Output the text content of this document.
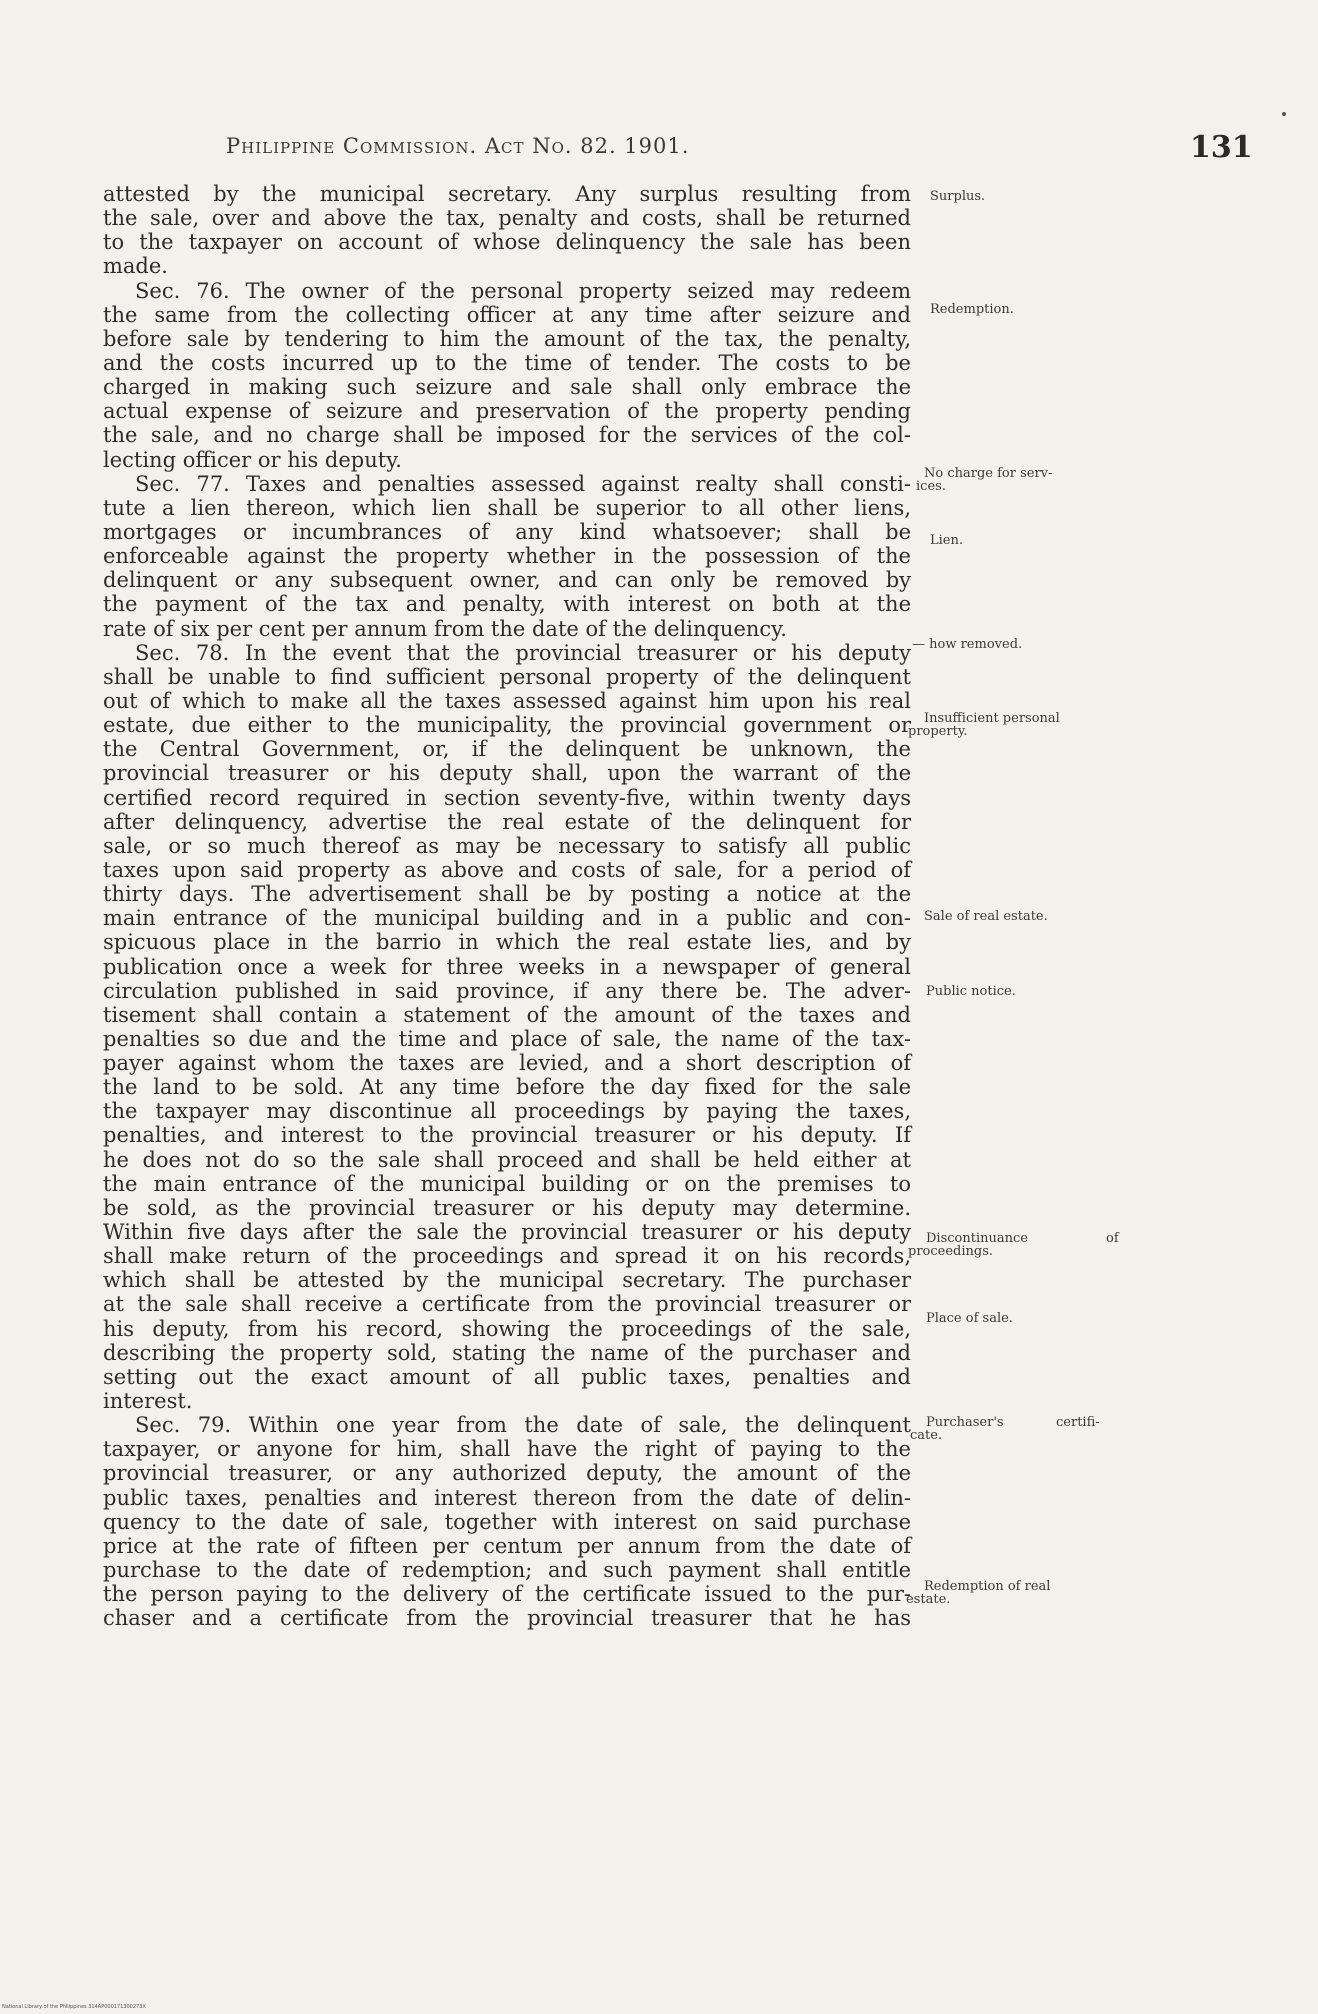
Philippine Commission. Act No. 82. 1901.	131
attested by the municipal secretary. Any surplus resulting from
the sale, over and above the tax, penalty and costs, shall be returned
to the taxpayer on account of whose delinquency the sale has been
made.
Sec. 76. The owner of the personal property seized may redeem
the same from the collecting officer at any time after seizure and
before sale by tendering to him the amount of the tax, the penalty,
and the costs incurred up to the time of tender. The costs to be
charged in making such seizure and sale shall only embrace the
actual expense of seizure and preservation of the property pending
the sale, and no charge shall be imposed for the services of the col-
lecting officer or his deputy.
Sec. 77. Taxes and penalties assessed against realty shall consti-
tute a lien thereon, which lien shall be superior to all other liens,
mortgages or incumbrances of any kind whatsoever; shall be
enforceable against the property whether in the possession of the
delinquent or any subsequent owner, and can only be removed by
the payment of the tax and penalty, with interest on both at the
rate of six per cent per annum from the date of the delinquency.
Sec. 78. In the event that the provincial treasurer or his deputy
shall be unable to find sufficient personal property of the delinquent
out of which to make all the taxes assessed against him upon his real
estate, due either to the municipality, the provincial government or
the Central Government, or, if the delinquent be unknown, the
provincial treasurer or his deputy shall, upon the warrant of the
certified record required in section seventy-five, within twenty days
after delinquency, advertise the real estate of the delinquent for
sale, or so much thereof as may be necessary to satisfy all public
taxes upon said property as above and costs of sale, for a period of
thirty days. The advertisement shall be by posting a notice at the
main entrance of the municipal building and in a public and con-
spicuous place in the barrio in which the real estate lies, and by
publication once a week for three weeks in a newspaper of general
circulation published in said province, if any there be. The adver-
tisement shall contain a statement of the amount of the taxes and
penalties so due and the time and place of sale, the name of the tax-
payer against whom the taxes are levied, and a short description of
the land to be sold. At any time before the day fixed for the sale
the taxpayer may discontinue all proceedings by paying the taxes,
penalties, and interest to the provincial treasurer or his deputy. If
he does not do so the sale shall proceed and shall be held either at
the main entrance of the municipal building or on the premises to
be sold, as the provincial treasurer or his deputy may determine.
Within five days after the sale the provincial treasurer or his deputy
shall make return of the proceedings and spread it on his records,
which shall be attested by the municipal secretary. The purchaser
at the sale shall receive a certificate from the provincial treasurer or
his deputy, from his record, showing the proceedings of the sale,
describing the property sold, stating the name of the purchaser and
setting out the exact amount of all public taxes, penalties and
interest.
Sec. 79. Within one year from the date of sale, the delinquent
taxpayer, or anyone for him, shall have the right of paying to the
provincial treasurer, or any authorized deputy, the amount of the
public taxes, penalties and interest thereon from the date of delin-
quency to the date of sale, together with interest on said purchase
price at the rate of fifteen per centum per annum from the date of
purchase to the date of redemption; and such payment shall entitle
the person paying to the delivery of the certificate issued to the pur-
chaser and a certificate from the provincial treasurer that he has
Surplus.
Redemption.
No charge for serv-
ices.
Lien.
— how removed.
Insufficient personal
property.
Sale of real estate.
Public notice.
Discontinuance	of
proceedings.
Place of sale.
Purchaser's	certifi-
cate.
Redemption of real
estate.
National Library of the Philippines 314AP000171300273X
